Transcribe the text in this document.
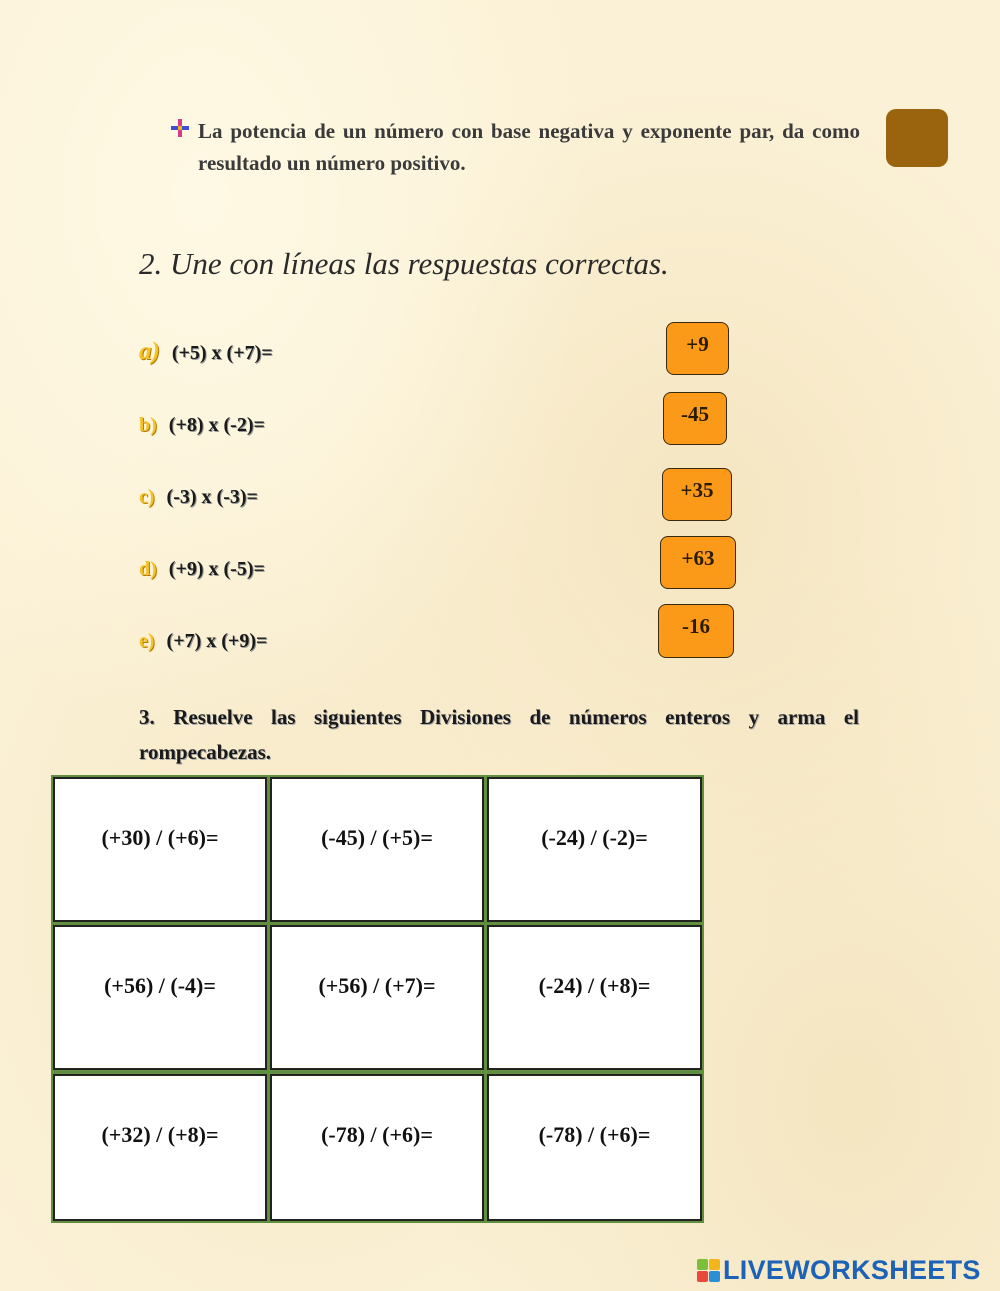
La potencia de un número con base negativa y exponente par, da como resultado un número positivo.
2. Une con líneas las respuestas correctas.
a) (+5) x (+7)=
b) (+8) x (-2)=
c) (-3) x (-3)=
d) (+9) x (-5)=
e) (+7) x (+9)=
+9
-45
+35
+63
-16
3. Resuelve las siguientes Divisiones de números enteros y arma el rompecabezas.
(+30) / (+6)=	(-45) / (+5)=	(-24) / (-2)=
(+56) / (-4)=	(+56) / (+7)=	(-24) / (+8)=
(+32) / (+8)=	(-78) / (+6)=	(-78) / (+6)=
LIVEWORKSHEETS
